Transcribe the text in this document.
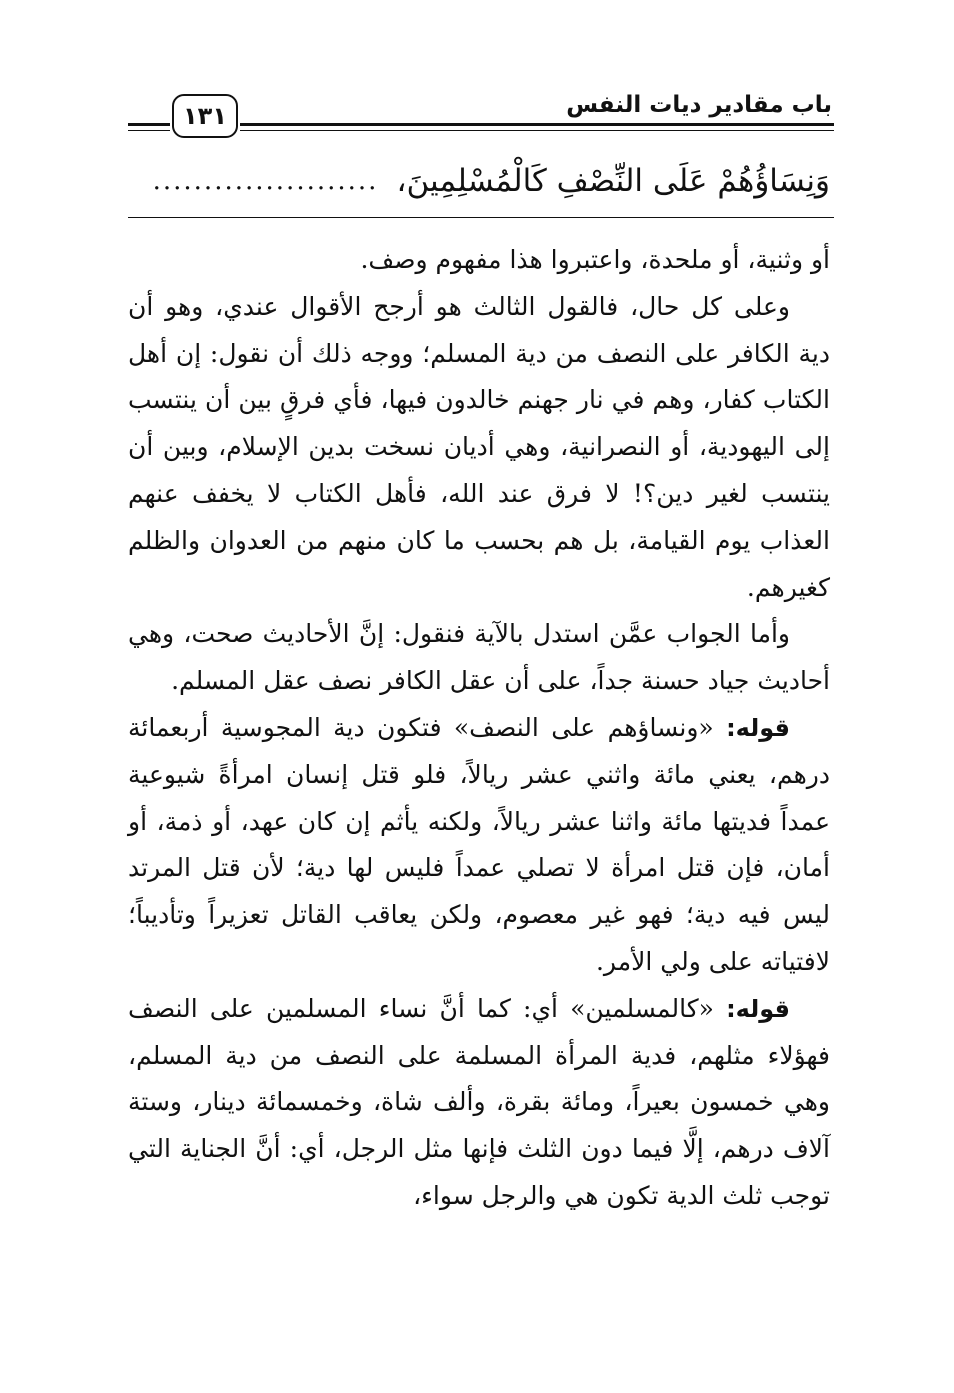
باب مقادير ديات النفس
١٣١
وَنِسَاؤُهُمْ عَلَى النِّصْفِ كَالْمُسْلِمِينَ،
......................

أو وثنية، أو ملحدة، واعتبروا هذا مفهوم وصف.

وعلى كل حال، فالقول الثالث هو أرجح الأقوال عندي، وهو أن دية الكافر على النصف من دية المسلم؛ ووجه ذلك أن نقول: إن أهل الكتاب كفار، وهم في نار جهنم خالدون فيها، فأي فرقٍ بين أن ينتسب إلى اليهودية، أو النصرانية، وهي أديان نسخت بدين الإسلام، وبين أن ينتسب لغير دين؟! لا فرق عند الله، فأهل الكتاب لا يخفف عنهم العذاب يوم القيامة، بل هم بحسب ما كان منهم من العدوان والظلم كغيرهم.

وأما الجواب عمَّن استدل بالآية فنقول: إنَّ الأحاديث صحت، وهي أحاديث جياد حسنة جداً، على أن عقل الكافر نصف عقل المسلم.

قوله: «ونساؤهم على النصف» فتكون دية المجوسية أربعمائة درهم، يعني مائة واثني عشر ريالاً، فلو قتل إنسان امرأةً شيوعية عمداً فديتها مائة واثنا عشر ريالاً، ولكنه يأثم إن كان عهد، أو ذمة، أو أمان، فإن قتل امرأة لا تصلي عمداً فليس لها دية؛ لأن قتل المرتد ليس فيه دية؛ فهو غير معصوم، ولكن يعاقب القاتل تعزيراً وتأديباً؛ لافتياته على ولي الأمر.

قوله: «كالمسلمين» أي: كما أنَّ نساء المسلمين على النصف فهؤلاء مثلهم، فدية المرأة المسلمة على النصف من دية المسلم، وهي خمسون بعيراً، ومائة بقرة، وألف شاة، وخمسمائة دينار، وستة آلاف درهم، إلَّا فيما دون الثلث فإنها مثل الرجل، أي: أنَّ الجناية التي توجب ثلث الدية تكون هي والرجل سواء،
